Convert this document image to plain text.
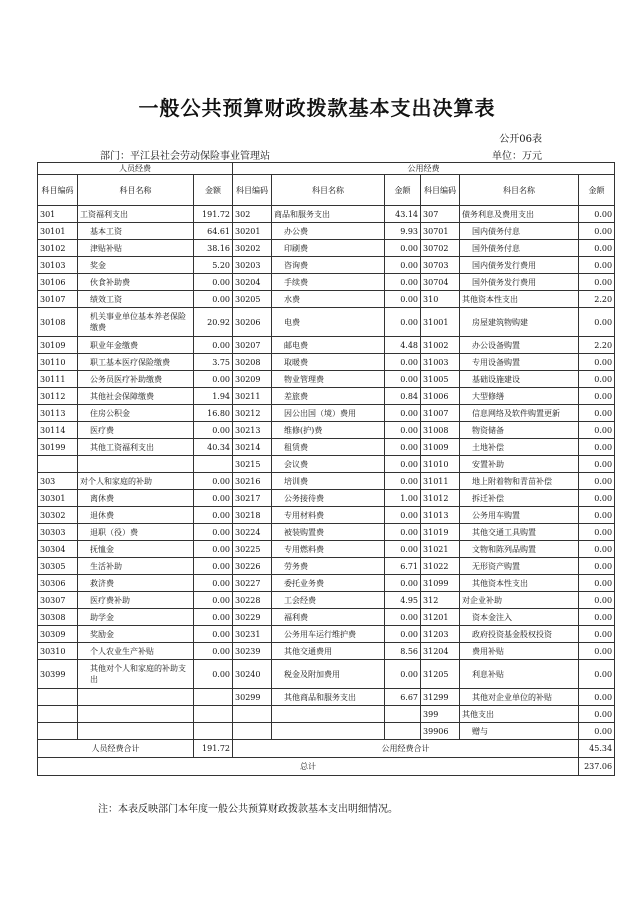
一般公共预算财政拨款基本支出决算表
公开06表
部门：平江县社会劳动保险事业管理站	单位：万元
人员经费			公用经费					
科目编码	科目名称	金额	科目编码	科目名称	金额	科目编码	科目名称	金额
301	工资福利支出	191.72	302	商品和服务支出	43.14	307	债务利息及费用支出	0.00
30101	基本工资	64.61	30201	办公费	9.93	30701	国内债务付息	0.00
30102	津贴补贴	38.16	30202	印刷费	0.00	30702	国外债务付息	0.00
30103	奖金	5.20	30203	咨询费	0.00	30703	国内债务发行费用	0.00
30106	伙食补助费	0.00	30204	手续费	0.00	30704	国外债务发行费用	0.00
30107	绩效工资	0.00	30205	水费	0.00	310	其他资本性支出	2.20
30108	机关事业单位基本养老保险缴费	20.92	30206	电费	0.00	31001	房屋建筑物购建	0.00
30109	职业年金缴费	0.00	30207	邮电费	4.48	31002	办公设备购置	2.20
30110	职工基本医疗保险缴费	3.75	30208	取暖费	0.00	31003	专用设备购置	0.00
30111	公务员医疗补助缴费	0.00	30209	物业管理费	0.00	31005	基础设施建设	0.00
30112	其他社会保障缴费	1.94	30211	差旅费	0.84	31006	大型修缮	0.00
30113	住房公积金	16.80	30212	因公出国（境）费用	0.00	31007	信息网络及软件购置更新	0.00
30114	医疗费	0.00	30213	维修(护)费	0.00	31008	物资储备	0.00
30199	其他工资福利支出	40.34	30214	租赁费	0.00	31009	土地补偿	0.00
			30215	会议费	0.00	31010	安置补助	0.00
303	对个人和家庭的补助	0.00	30216	培训费	0.00	31011	地上附着物和青苗补偿	0.00
30301	离休费	0.00	30217	公务接待费	1.00	31012	拆迁补偿	0.00
30302	退休费	0.00	30218	专用材料费	0.00	31013	公务用车购置	0.00
30303	退职（役）费	0.00	30224	被装购置费	0.00	31019	其他交通工具购置	0.00
30304	抚恤金	0.00	30225	专用燃料费	0.00	31021	文物和陈列品购置	0.00
30305	生活补助	0.00	30226	劳务费	6.71	31022	无形资产购置	0.00
30306	救济费	0.00	30227	委托业务费	0.00	31099	其他资本性支出	0.00
30307	医疗费补助	0.00	30228	工会经费	4.95	312	对企业补助	0.00
30308	助学金	0.00	30229	福利费	0.00	31201	资本金注入	0.00
30309	奖励金	0.00	30231	公务用车运行维护费	0.00	31203	政府投资基金股权投资	0.00
30310	个人农业生产补贴	0.00	30239	其他交通费用	8.56	31204	费用补贴	0.00
30399	其他对个人和家庭的补助支出	0.00	30240	税金及附加费用	0.00	31205	利息补贴	0.00
			30299	其他商品和服务支出	6.67	31299	其他对企业单位的补贴	0.00
						399	其他支出	0.00
						39906	赠与	0.00
人员经费合计		191.72	公用经费合计					45.34
总计								237.06
注：本表反映部门本年度一般公共预算财政拨款基本支出明细情况。
